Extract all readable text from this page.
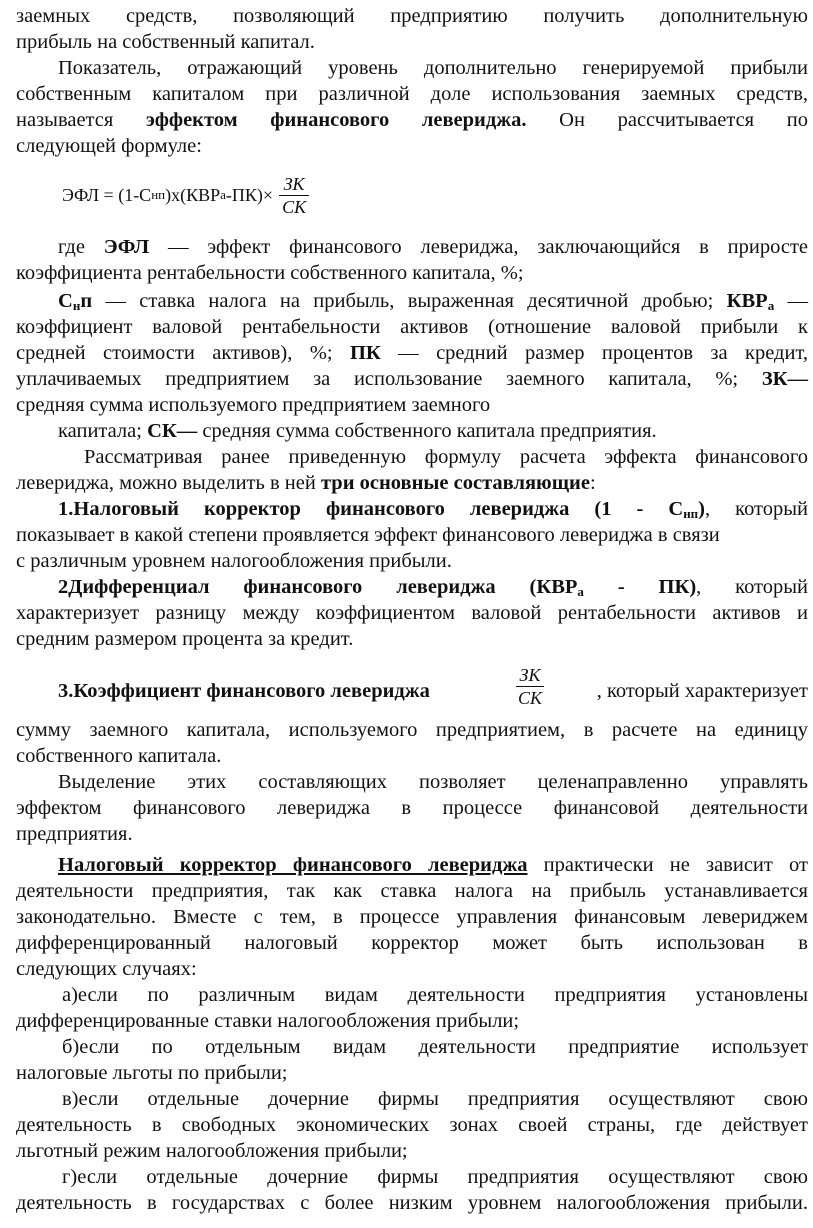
заемных средств, позволяющий предприятию получить дополнительную
прибыль на собственный капитал.
Показатель, отражающий уровень дополнительно генерируемой прибыли
собственным капиталом при различной доле использования заемных средств,
называется эффектом финансового левериджа. Он рассчитывается по
следующей формуле:
ЭФЛ = (1-С нп )х(КВР а $-ПК)\times \frac{ЗК}{СК}$
где ЭФЛ — эффект финансового левериджа, заключающийся в приросте
коэффициента рентабельности собственного капитала, %;
$С_нп$ — ставка налога на прибыль, выраженная десятичной дробью; $КВР_а$ —
коэффициент валовой рентабельности активов (отношение валовой прибыли к
средней стоимости активов), %; ПК — средний размер процентов за кредит,
уплачиваемых предприятием за использование заемного капитала, %; ЗК—
средняя сумма используемого предприятием заемного
капитала; СК— средняя сумма собственного капитала предприятия.
Рассматривая ранее приведенную формулу расчета эффекта финансового
левериджа, можно выделить в ней три основные составляющие:
1.Налоговый корректор финансового левериджа $(1 - С_{нп})$, который
показывает в какой степени проявляется эффект финансового левериджа в связи
с различным уровнем налогообложения прибыли.
2Дифференциал финансового левериджа $(КВР_а - ПК)$, который
характеризует разницу между коэффициентом валовой рентабельности активов и
средним размером процента за кредит.
3.Коэффициент финансового левериджа
ЗК
СК	, который характеризует
сумму заемного капитала, используемого предприятием, в расчете на единицу
собственного капитала.
Выделение этих составляющих позволяет целенаправленно управлять
эффектом финансового левериджа в процессе финансовой деятельности
предприятия.
Налоговый корректор финансового левериджа практически не зависит от
деятельности предприятия, так как ставка налога на прибыль устанавливается
законодательно. Вместе с тем, в процессе управления финансовым левериджем
дифференцированный налоговый корректор может быть использован в
следующих случаях:
а)если по различным видам деятельности предприятия установлены
дифференцированные ставки налогообложения прибыли;
б)если по отдельным видам деятельности предприятие использует
налоговые льготы по прибыли;
в)если отдельные дочерние фирмы предприятия осуществляют свою
деятельность в свободных экономических зонах своей страны, где действует
льготный режим налогообложения прибыли;
г)если отдельные дочерние фирмы предприятия осуществляют свою
деятельность в государствах с более низким уровнем налогообложения прибыли.
